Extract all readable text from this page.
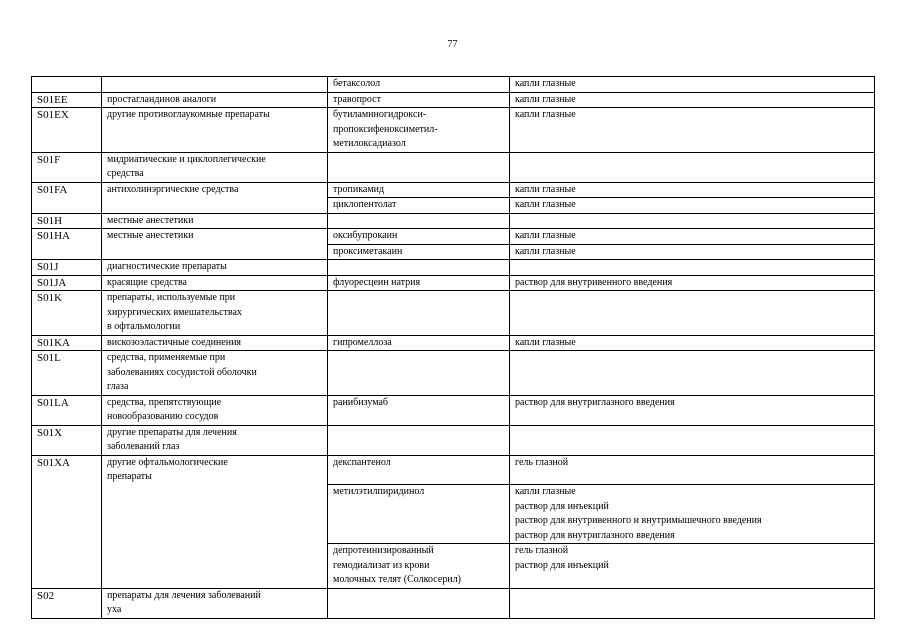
77
		бетаксолол	капли глазные
S01EE	простагландинов аналоги	травопрост	капли глазные
S01EX	другие противоглаукомные препараты	бутиламиногидрокси-
пропоксифеноксиметил-
метилоксадиазол	капли глазные
S01F	мидриатические и циклоплегические
средства		
S01FA	антихолинэргические средства	тропикамид	капли глазные
		циклопентолат	капли глазные
S01H	местные анестетики		
S01HA	местные анестетики	оксибупрокаин	капли глазные
		проксиметакаин	капли глазные
S01J	диагностические препараты		
S01JA	красящие средства	флуоресцеин натрия	раствор для внутривенного введения
S01K	препараты, используемые при
хирургических вмешательствах
в офтальмологии		
S01KA	вискозоэластичные соединения	гипромеллоза	капли глазные
S01L	средства, применяемые при
заболеваниях сосудистой оболочки
глаза		
S01LA	средства, препятствующие
новообразованию сосудов	ранибизумаб	раствор для внутриглазного введения
S01X	другие препараты для лечения
заболеваний глаз		
S01XA	другие офтальмологические
препараты	декспантенол	гель глазной
		метилэтилпиридинол	капли глазные
раствор для инъекций
раствор для внутривенного и внутримышечного введения
раствор для внутриглазного введения
		депротеинизированный
гемодиализат из крови
молочных телят (Солкосерил)	гель глазной
раствор для инъекций
S02	препараты для лечения заболеваний
уха		
